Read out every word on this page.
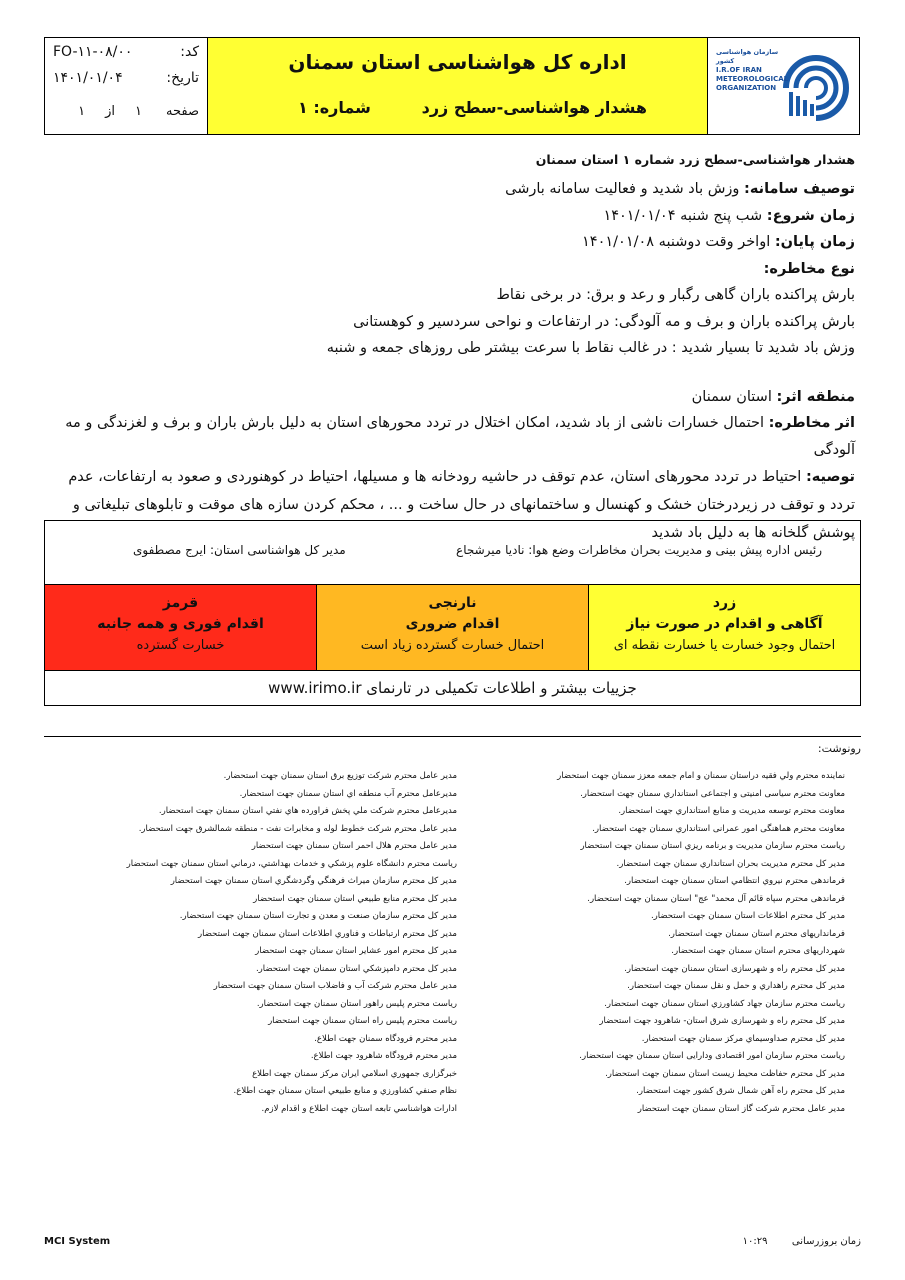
سازمان هواشناسی کشور
I.R.OF IRAN
METEOROLOGICAL
ORGANIZATION
اداره کل هواشناسی استان سمنان
هشدار هواشناسی-سطح زرد
شماره: ۱
کد:
FO-۱۱-۰۸/۰۰
تاریخ:
۱۴۰۱/۰۱/۰۴
صفحه
۱
از
۱
هشدار هواشناسی-سطح زرد شماره ۱ استان سمنان
توصیف سامانه: وزش باد شدید و فعالیت سامانه بارشی
زمان شروع: شب پنج شنبه ۱۴۰۱/۰۱/۰۴
زمان پایان: اواخر وقت دوشنبه ۱۴۰۱/۰۱/۰۸
نوع مخاطره:
بارش پراکنده باران گاهی رگبار و رعد و برق: در برخی نقاط
بارش پراکنده باران و برف و مه آلودگی: در ارتفاعات و نواحی سردسیر و کوهستانی
وزش باد شدید تا بسیار شدید : در غالب نقاط با سرعت بیشتر طی روزهای جمعه و شنبه
منطقه اثر: استان سمنان
اثر مخاطره: احتمال خسارات ناشی از باد شدید، امکان اختلال در تردد محورهای استان به دلیل بارش باران و برف و لغزندگی و مه آلودگی
توصیه: احتیاط در تردد محورهای استان، عدم توقف در حاشیه رودخانه ها و مسیلها، احتیاط در کوهنوردی و صعود به ارتفاعات، عدم تردد و توقف در زیردرختان خشک و کهنسال و ساختمانهای در حال ساخت و ... ، محکم کردن سازه های موقت و تابلوهای تبلیغاتی و پوشش گلخانه ها به دلیل باد شدید
رئیس اداره پیش بینی و مدیریت بحران مخاطرات وضع هوا: نادیا میرشجاع
مدیر کل هواشناسی استان: ایرج مصطفوی
زرد
آگاهی و اقدام در صورت نیاز
احتمال وجود خسارت یا خسارت نقطه ای
نارنجی
اقدام ضروری
احتمال خسارت گسترده زیاد است
قرمز
اقدام فوری و همه جانبه
خسارت گسترده
جزییات بیشتر و اطلاعات تکمیلی در تارنمای www.irimo.ir
رونوشت:
نماینده محترم ولي فقيه دراستان سمنان و امام جمعه معزز سمنان جهت استحضار
معاونت محترم سیاسی امنیتی و اجتماعی استانداري سمنان جهت استحضار.
معاونت محترم توسعه مديريت و منابع استانداري جهت استحضار.
معاونت محترم هماهنگی امور عمرانی استانداري سمنان جهت استحضار.
رياست محترم سازمان مديريت و برنامه ريزي استان سمنان جهت استحضار
مدير كل محترم مديريت بحران استانداري سمنان جهت استحضار.
فرماندهی محترم نيروي انتظامي استان سمنان جهت استحضار.
فرماندهی محترم سپاه قائم آل محمد" عج" استان سمنان جهت استحضار.
مدير كل محترم اطلاعات استان سمنان جهت استحضار.
فرمانداریهای محترم استان سمنان جهت استحضار.
شهرداریهای محترم استان سمنان جهت استحضار.
مدير كل محترم راه و شهرسازی استان سمنان جهت استحضار.
مدير كل محترم راهداري و حمل و نقل سمنان جهت استحضار.
رياست محترم سازمان جهاد كشاورزي استان سمنان جهت استحضار.
مدير كل محترم راه و شهرسازی شرق استان- شاهرود جهت استحضار
مدير كل محترم صداوسيماي مركز سمنان جهت استحضار.
رياست محترم سازمان امور اقتصادی ودارایی استان سمنان جهت استحضار.
مدير كل محترم حفاظت محيط زيست استان سمنان جهت استحضار.
مدير كل محترم راه آهن شمال شرق كشور جهت استحضار.
مدير عامل محترم شركت گاز استان سمنان جهت استحضار
مدير عامل محترم شركت توزيع برق استان سمنان جهت استحضار.
مديرعامل محترم آب منطقه اي استان سمنان جهت استحضار.
مديرعامل محترم شرکت ملي پخش فراورده هاي نفتي استان سمنان جهت استحضار.
مدير عامل محترم شركت خطوط لوله و مخابرات نفت - منطقه شمالشرق جهت استحضار.
مدير عامل محترم هلال احمر استان سمنان جهت استحضار
رياست محترم دانشگاه علوم پزشكي و خدمات بهداشتي، درماني استان سمنان جهت استحضار
مدير كل محترم سازمان ميراث فرهنگي وگردشگري استان سمنان جهت استحضار
مدير كل محترم منابع طبيعي استان سمنان جهت استحضار
مدير كل محترم سازمان صنعت و معدن و تجارت استان سمنان جهت استحضار.
مدير كل محترم ارتباطات و فناوري اطلاعات استان سمنان جهت استحضار
مدير كل محترم امور عشاير استان سمنان جهت استحضار
مدير كل محترم دامپزشكي استان سمنان جهت استحضار.
مدير عامل محترم شركت آب و فاضلاب استان سمنان جهت استحضار
رياست محترم پليس راهور استان سمنان جهت استحضار.
رياست محترم پليس راه استان سمنان جهت استحضار
مدير محترم فرودگاه سمنان جهت اطلاع.
مدير محترم فرودگاه شاهرود جهت اطلاع.
خبرگزاری جمهوري اسلامي ايران مركز سمنان جهت اطلاع
نظام صنفي كشاورزي و منابع طبيعي استان سمنان جهت اطلاع.
ادارات هواشناسي تابعه استان جهت اطلاع و اقدام لازم.
MCI System	زمان بروزرسانی  ۱۰:۲۹
